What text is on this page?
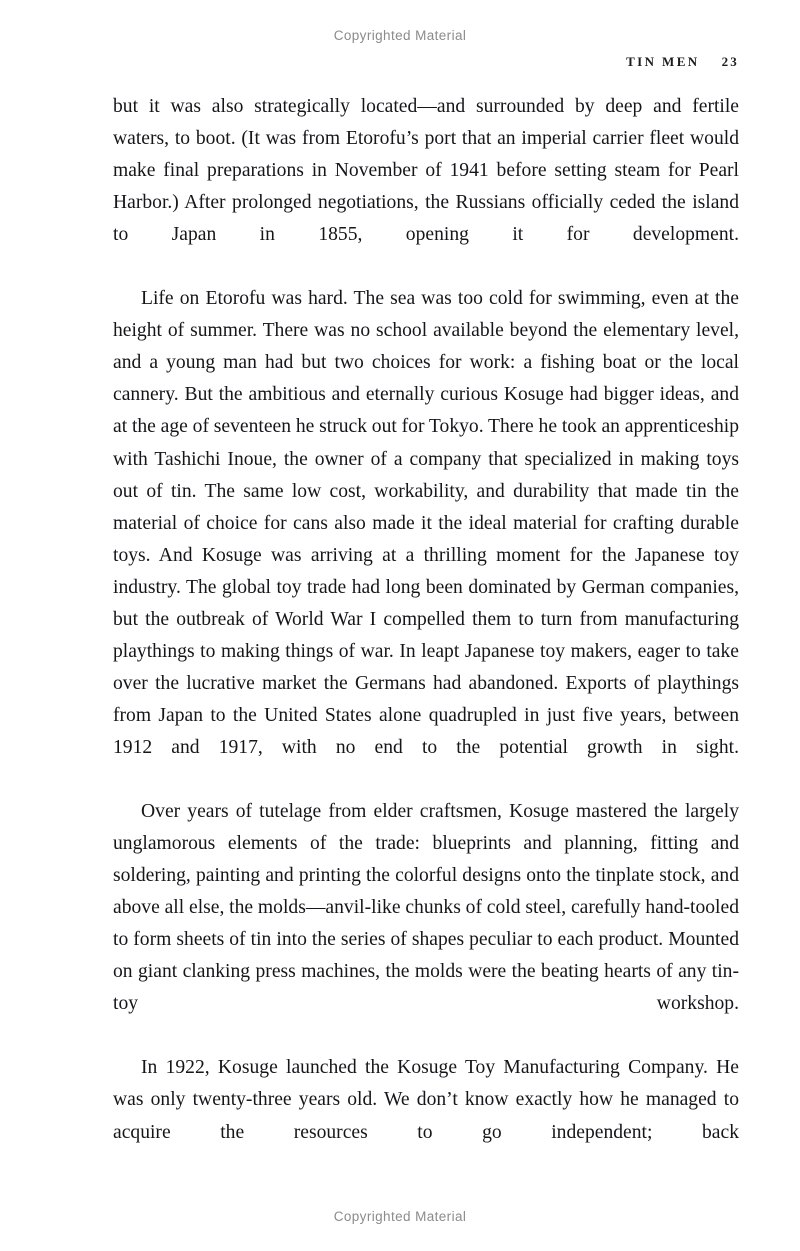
Copyrighted Material
TIN MEN 23

but it was also strategically located—and surrounded by deep and fertile waters, to boot. (It was from Etorofu’s port that an imperial carrier fleet would make final preparations in November of 1941 before setting steam for Pearl Harbor.) After prolonged negotiations, the Russians officially ceded the island to Japan in 1855, opening it for development.

Life on Etorofu was hard. The sea was too cold for swimming, even at the height of summer. There was no school available beyond the elementary level, and a young man had but two choices for work: a fishing boat or the local cannery. But the ambitious and eternally curious Kosuge had bigger ideas, and at the age of seventeen he struck out for Tokyo. There he took an apprenticeship with Tashichi Inoue, the owner of a company that specialized in making toys out of tin. The same low cost, workability, and durability that made tin the material of choice for cans also made it the ideal material for crafting durable toys. And Kosuge was arriving at a thrilling moment for the Japanese toy industry. The global toy trade had long been dominated by German companies, but the outbreak of World War I compelled them to turn from manufacturing playthings to making things of war. In leapt Japanese toy makers, eager to take over the lucrative market the Germans had abandoned. Exports of playthings from Japan to the United States alone quadrupled in just five years, between 1912 and 1917, with no end to the potential growth in sight.

Over years of tutelage from elder craftsmen, Kosuge mastered the largely unglamorous elements of the trade: blueprints and planning, fitting and soldering, painting and printing the colorful designs onto the tinplate stock, and above all else, the molds—anvil-like chunks of cold steel, carefully hand-tooled to form sheets of tin into the series of shapes peculiar to each product. Mounted on giant clanking press machines, the molds were the beating hearts of any tin-toy workshop.

In 1922, Kosuge launched the Kosuge Toy Manufacturing Company. He was only twenty-three years old. We don’t know exactly how he managed to acquire the resources to go independent; back

Copyrighted Material
